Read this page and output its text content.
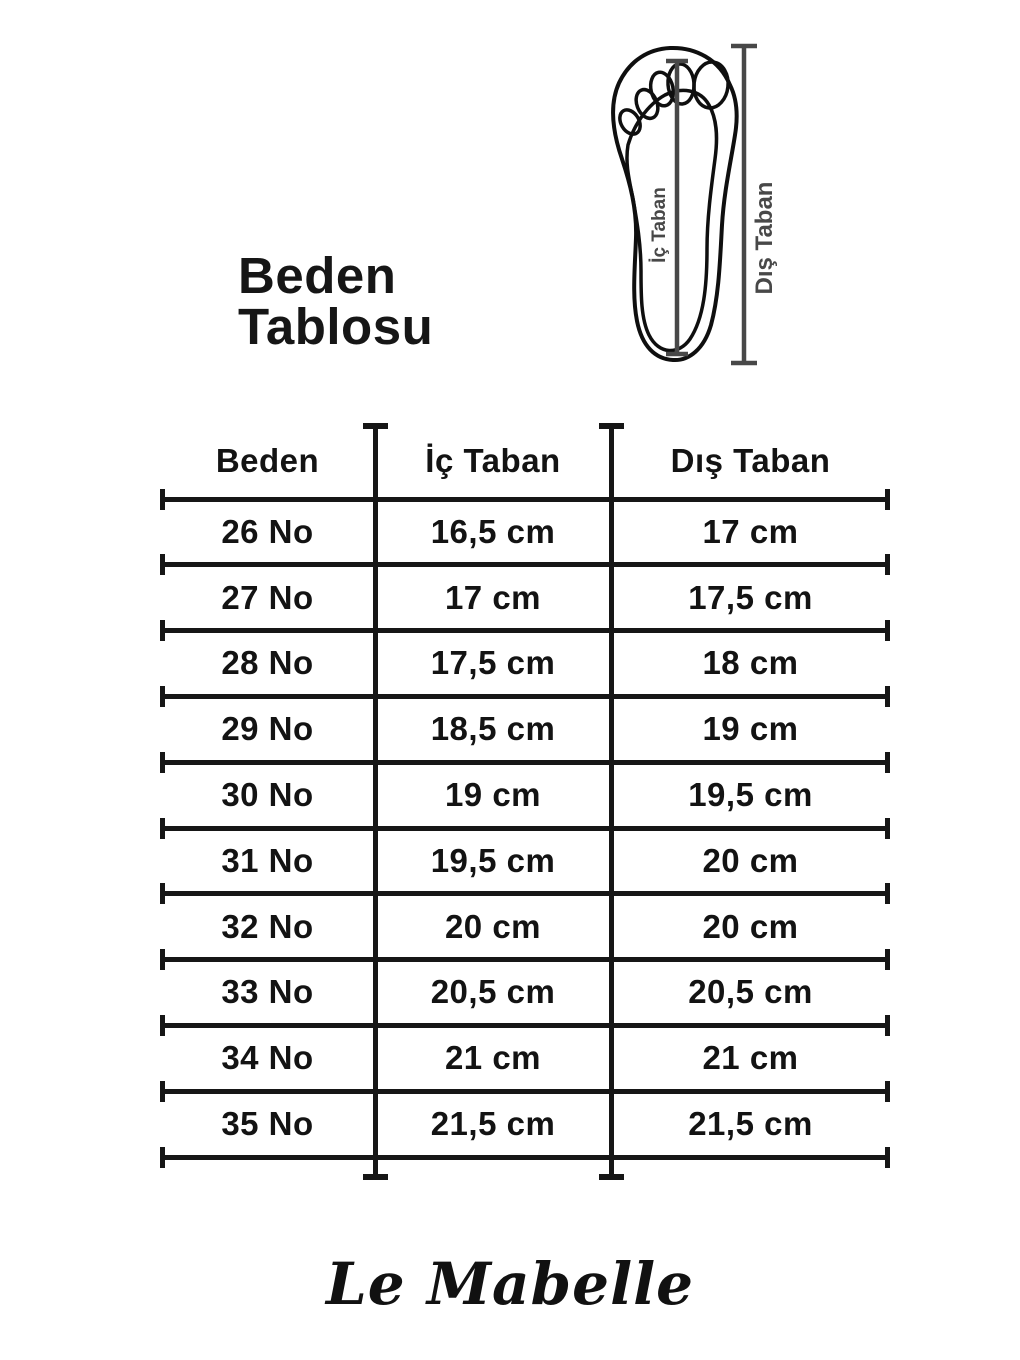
Beden
Tablosu
İç Taban	Dış Taban
Beden	İç Taban	Dış Taban
26 No	16,5 cm	17 cm
27 No	17 cm	17,5 cm
28 No	17,5 cm	18 cm
29 No	18,5 cm	19 cm
30 No	19 cm	19,5 cm
31 No	19,5 cm	20 cm
32 No	20 cm	20 cm
33 No	20,5 cm	20,5 cm
34 No	21 cm	21 cm
35 No	21,5 cm	21,5 cm
Le Mabelle
